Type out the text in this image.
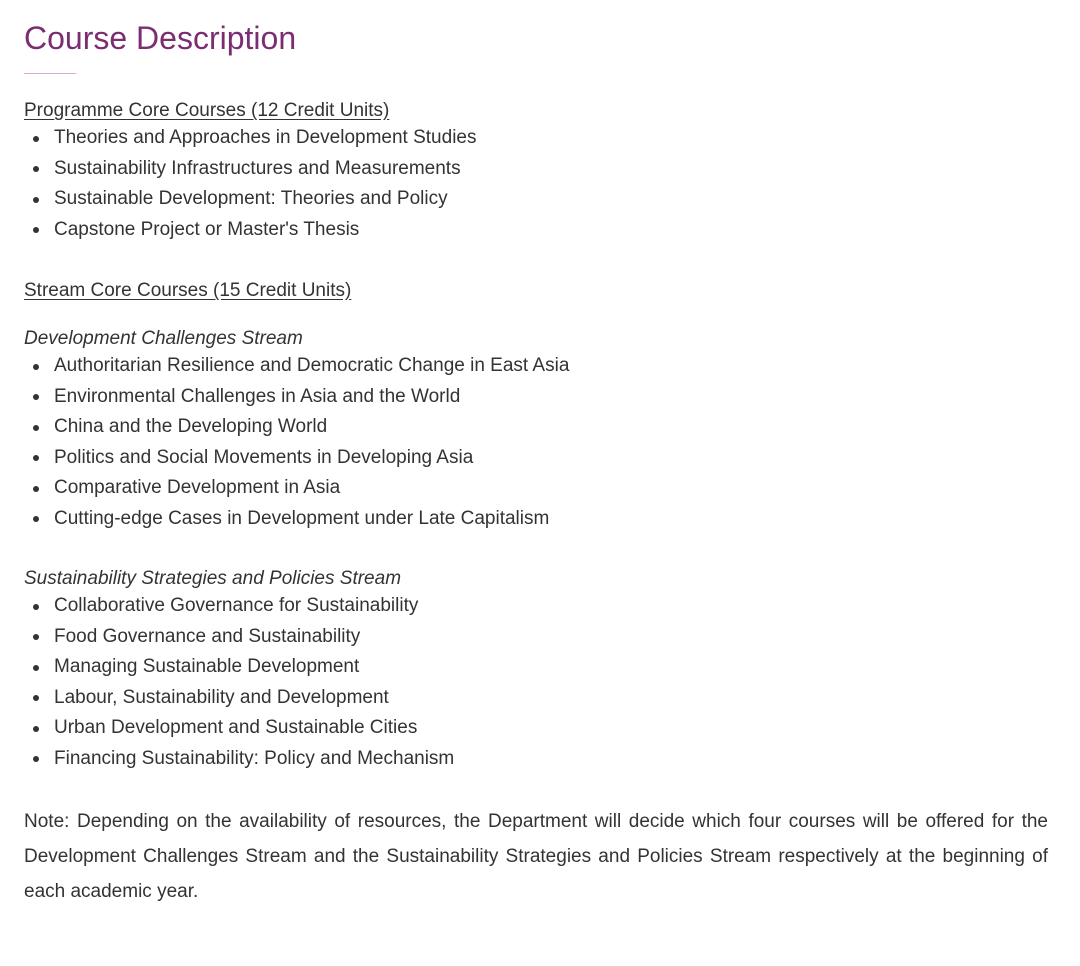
Course Description
Programme Core Courses (12 Credit Units)
Theories and Approaches in Development Studies
Sustainability Infrastructures and Measurements
Sustainable Development: Theories and Policy
Capstone Project or Master's Thesis
Stream Core Courses (15 Credit Units)
Development Challenges Stream
Authoritarian Resilience and Democratic Change in East Asia
Environmental Challenges in Asia and the World
China and the Developing World
Politics and Social Movements in Developing Asia
Comparative Development in Asia
Cutting-edge Cases in Development under Late Capitalism
Sustainability Strategies and Policies Stream
Collaborative Governance for Sustainability
Food Governance and Sustainability
Managing Sustainable Development
Labour, Sustainability and Development
Urban Development and Sustainable Cities
Financing Sustainability: Policy and Mechanism

Note: Depending on the availability of resources, the Department will decide which four courses will be offered for the Development Challenges Stream and the Sustainability Strategies and Policies Stream respectively at the beginning of each academic year.
